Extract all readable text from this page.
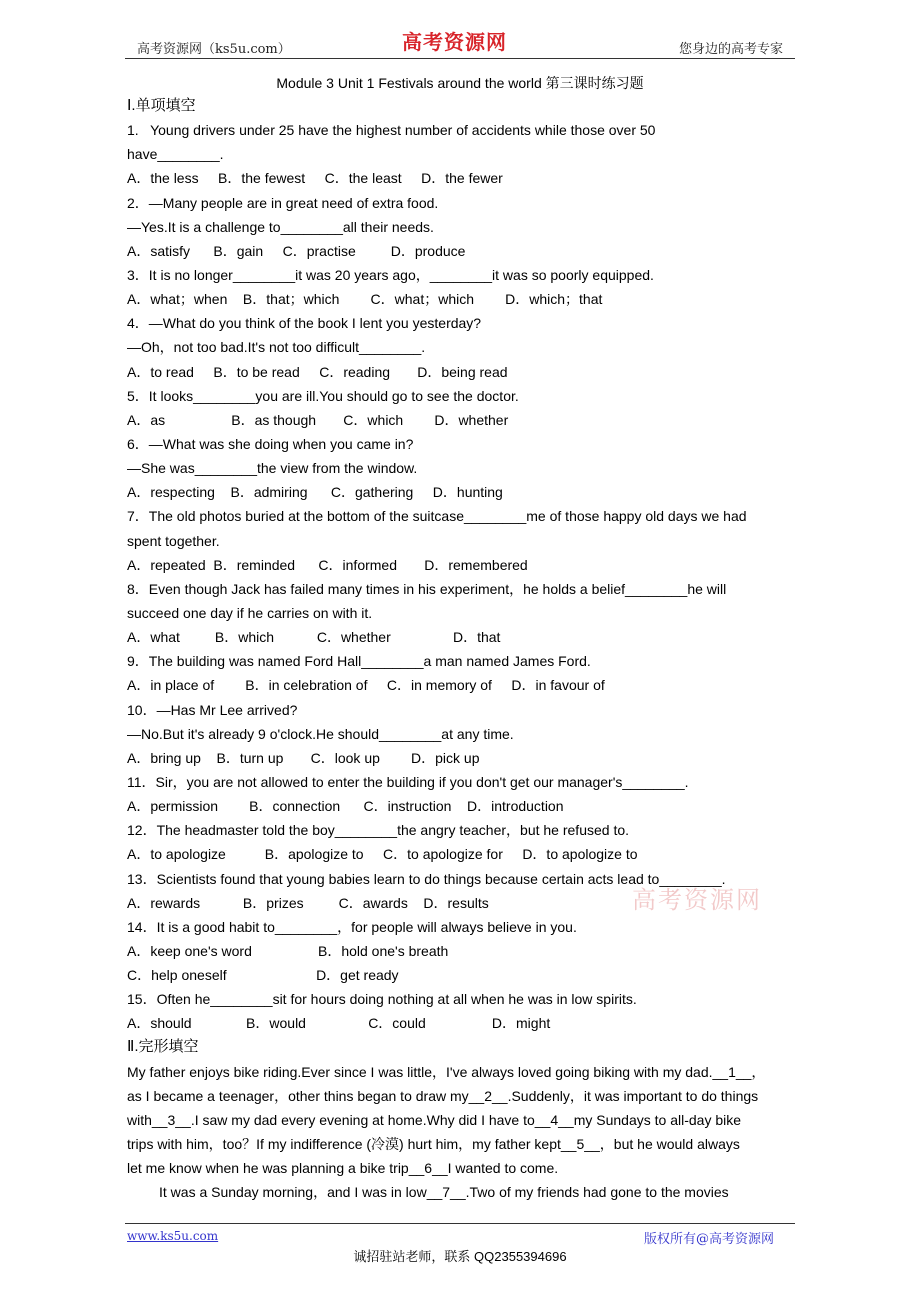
高考资源网（ks5u.com）	高考资源网	您身边的高考专家
Module 3 Unit 1 Festivals around the world 第三课时练习题
Ⅰ.单项填空
1.   Young drivers under 25 have the highest number of accidents while those over 50
have________.
A．the less     B．the fewest     C．the least     D．the fewer
2．—Many people are in great need of extra food.
—Yes.It is a challenge to________all their needs.
A．satisfy      B．gain     C．practise         D．produce
3．It is no longer________it was 20 years ago，________it was so poorly equipped.
A．what；when    B．that；which        C．what；which        D．which；that
4．—What do you think of the book I lent you yesterday?
—Oh，not too bad.It's not too difficult________.
A．to read     B．to be read     C．reading       D．being read
5．It looks________you are ill.You should go to see the doctor.
A．as                 B．as though       C．which        D．whether
6．—What was she doing when you came in?
—She was________the view from the window.
A．respecting    B．admiring      C．gathering     D．hunting
7．The old photos buried at the bottom of the suitcase________me of those happy old days we had
spent together.
A．repeated  B．reminded      C．informed       D．remembered
8．Even though Jack has failed many times in his experiment，he holds a belief________he will
succeed one day if he carries on with it.
A．what         B．which           C．whether                D．that
9．The building was named Ford Hall________a man named James Ford.
A．in place of        B．in celebration of     C．in memory of     D．in favour of
10．—Has Mr Lee arrived?
—No.But it's already 9 o'clock.He should________at any time.
A．bring up    B．turn up       C．look up        D．pick up
11．Sir，you are not allowed to enter the building if you don't get our manager's________.
A．permission        B．connection      C．instruction    D．introduction
12．The headmaster told the boy________the angry teacher，but he refused to.
A．to apologize          B．apologize to     C．to apologize for     D．to apologize to
13．Scientists found that young babies learn to do things because certain acts lead to________.
A．rewards           B．prizes         C．awards    D．results
14．It is a good habit to________，for people will always believe in you.
A．keep one's word                 B．hold one's breath
C．help oneself                       D．get ready
15．Often he________sit for hours doing nothing at all when he was in low spirits.
A．should              B．would                C．could                 D．might
Ⅱ.完形填空
My father enjoys bike riding.Ever since I was little，I've always loved going biking with my dad.__1__，
as I became a teenager，other thins began to draw my__2__.Suddenly，it was important to do things
with__3__.I saw my dad every evening at home.Why did I have to__4__my Sundays to all-day bike
trips with him，too？If my indifference (冷漠) hurt him，my father kept__5__，but he would always
let me know when he was planning a bike trip__6__I wanted to come.
It was a Sunday morning，and I was in low__7__.Two of my friends had gone to the movies
高考资源网
www.ks5u.com	版权所有@高考资源网
诚招驻站老师，联系 QQ2355394696
